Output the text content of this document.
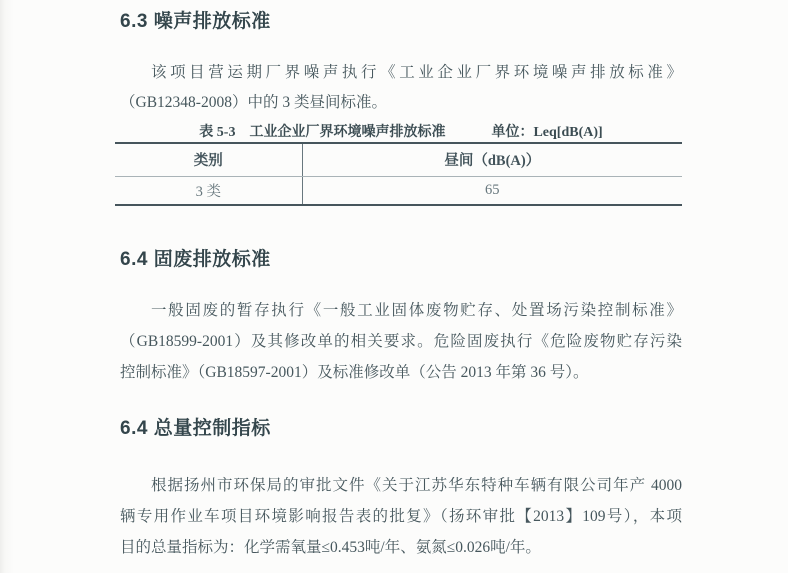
6.3 噪声排放标准
该项目营运期厂界噪声执行《工业企业厂界环境噪声排放标准》
（GB12348-2008）中的 3 类昼间标准。
表 5-3　工业企业厂界环境噪声排放标准	单位：Leq[dB(A)]
类别	昼间（dB(A)）
3 类	65
6.4 固废排放标准
一般固废的暂存执行《一般工业固体废物贮存、处置场污染控制标准》
（GB18599-2001）及其修改单的相关要求。危险固废执行《危险废物贮存污染
控制标准》（GB18597-2001）及标准修改单（公告 2013 年第 36 号）。
6.4 总量控制指标
根据扬州市环保局的审批文件《关于江苏华东特种车辆有限公司年产 4000
辆专用作业车项目环境影响报告表的批复》（扬环审批【2013】109号），本项
目的总量指标为：化学需氧量≤0.453吨/年、氨氮≤0.026吨/年。
